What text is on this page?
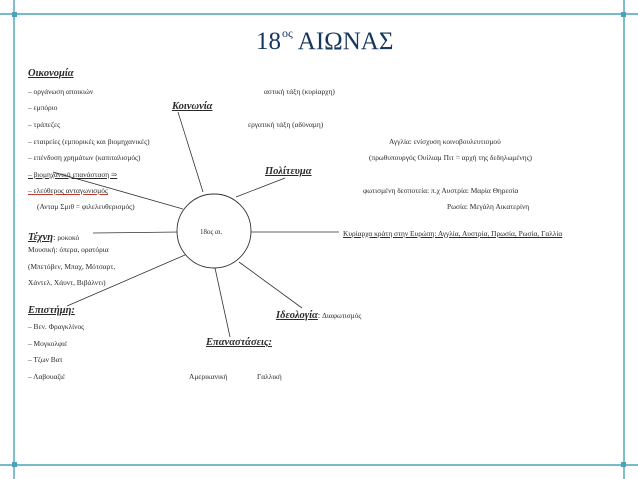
$18^{o\varsigma}$ ΑΙΩΝΑΣ
18ος αι.
Οικονομία
– οργάνωση αποικιών
– εμπόριο
– τράπεζες
– εταιρείες (εμπορικές και βιομηχανικές)
– επένδυση χρημάτων (καπιταλισμός)
– βιομηχανική επανάσταση ⇒
– ελεύθερος ανταγωνισμός
(Ανταμ Σμιθ = φιλελευθερισμός)
Κοινωνία
αστική τάξη (κυρίαρχη)
εργατική τάξη (αδύναμη)
Πολίτευμα
Αγγλία: ενίσχυση κοινοβουλευτισμού
(πρωθυπουργός Ουίλιαμ Πιτ = αρχή της δεδηλωμένης)
φωτισμένη δεσποτεία: π.χ Αυστρία: Μαρία Θηρεσία
Ρωσία: Μεγάλη Αικατερίνη
Κυρίαρχα κράτη στην Ευρώπη: Αγγλία, Αυστρία, Πρωσία, Ρωσία, Γαλλία
Τέχνη: ροκοκό
Μουσική: όπερα, ορατόρια
(Μπετόβεν, Μπαχ, Μότσαρτ,
Χάντελ, Χάυντ, Βιβάλντι)
Ιδεολογία: Διαφωτισμός
Επιστήμη:
– Βεν. Φραγκλίνος
– Μογκολφιέ
– Τζων Βατ
– Λαβουαζιέ
Επαναστάσεις:
Αμερικανική	Γαλλική
